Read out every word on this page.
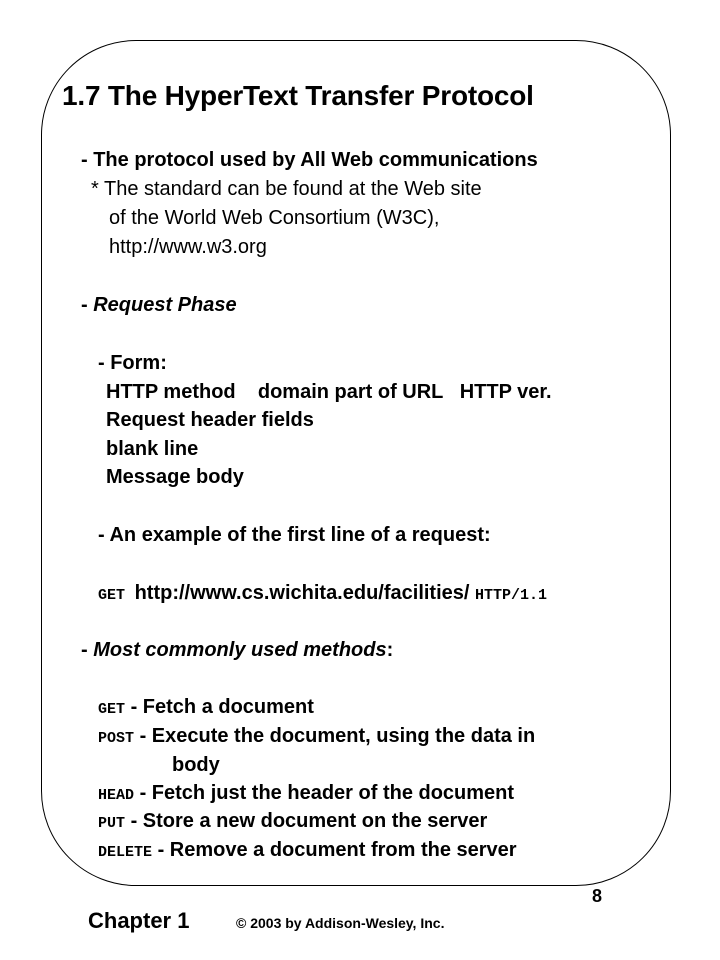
1.7 The HyperText Transfer Protocol
- The protocol used by All Web communications
* The standard can be found at the Web site
of the World Web Consortium (W3C),
http://www.w3.org
- Request Phase
- Form:
HTTP method    domain part of URL   HTTP ver.
Request header fields
blank line
Message body
- An example of the first line of a request:
GET http://www.cs.wichita.edu/facilities/ HTTP/1.1
- Most commonly used methods:
GET - Fetch a document
POST - Execute the document, using the data in
body
HEAD - Fetch just the header of the document
PUT - Store a new document on the server
DELETE - Remove a document from the server
Chapter 1	© 2003 by Addison-Wesley, Inc.
8
